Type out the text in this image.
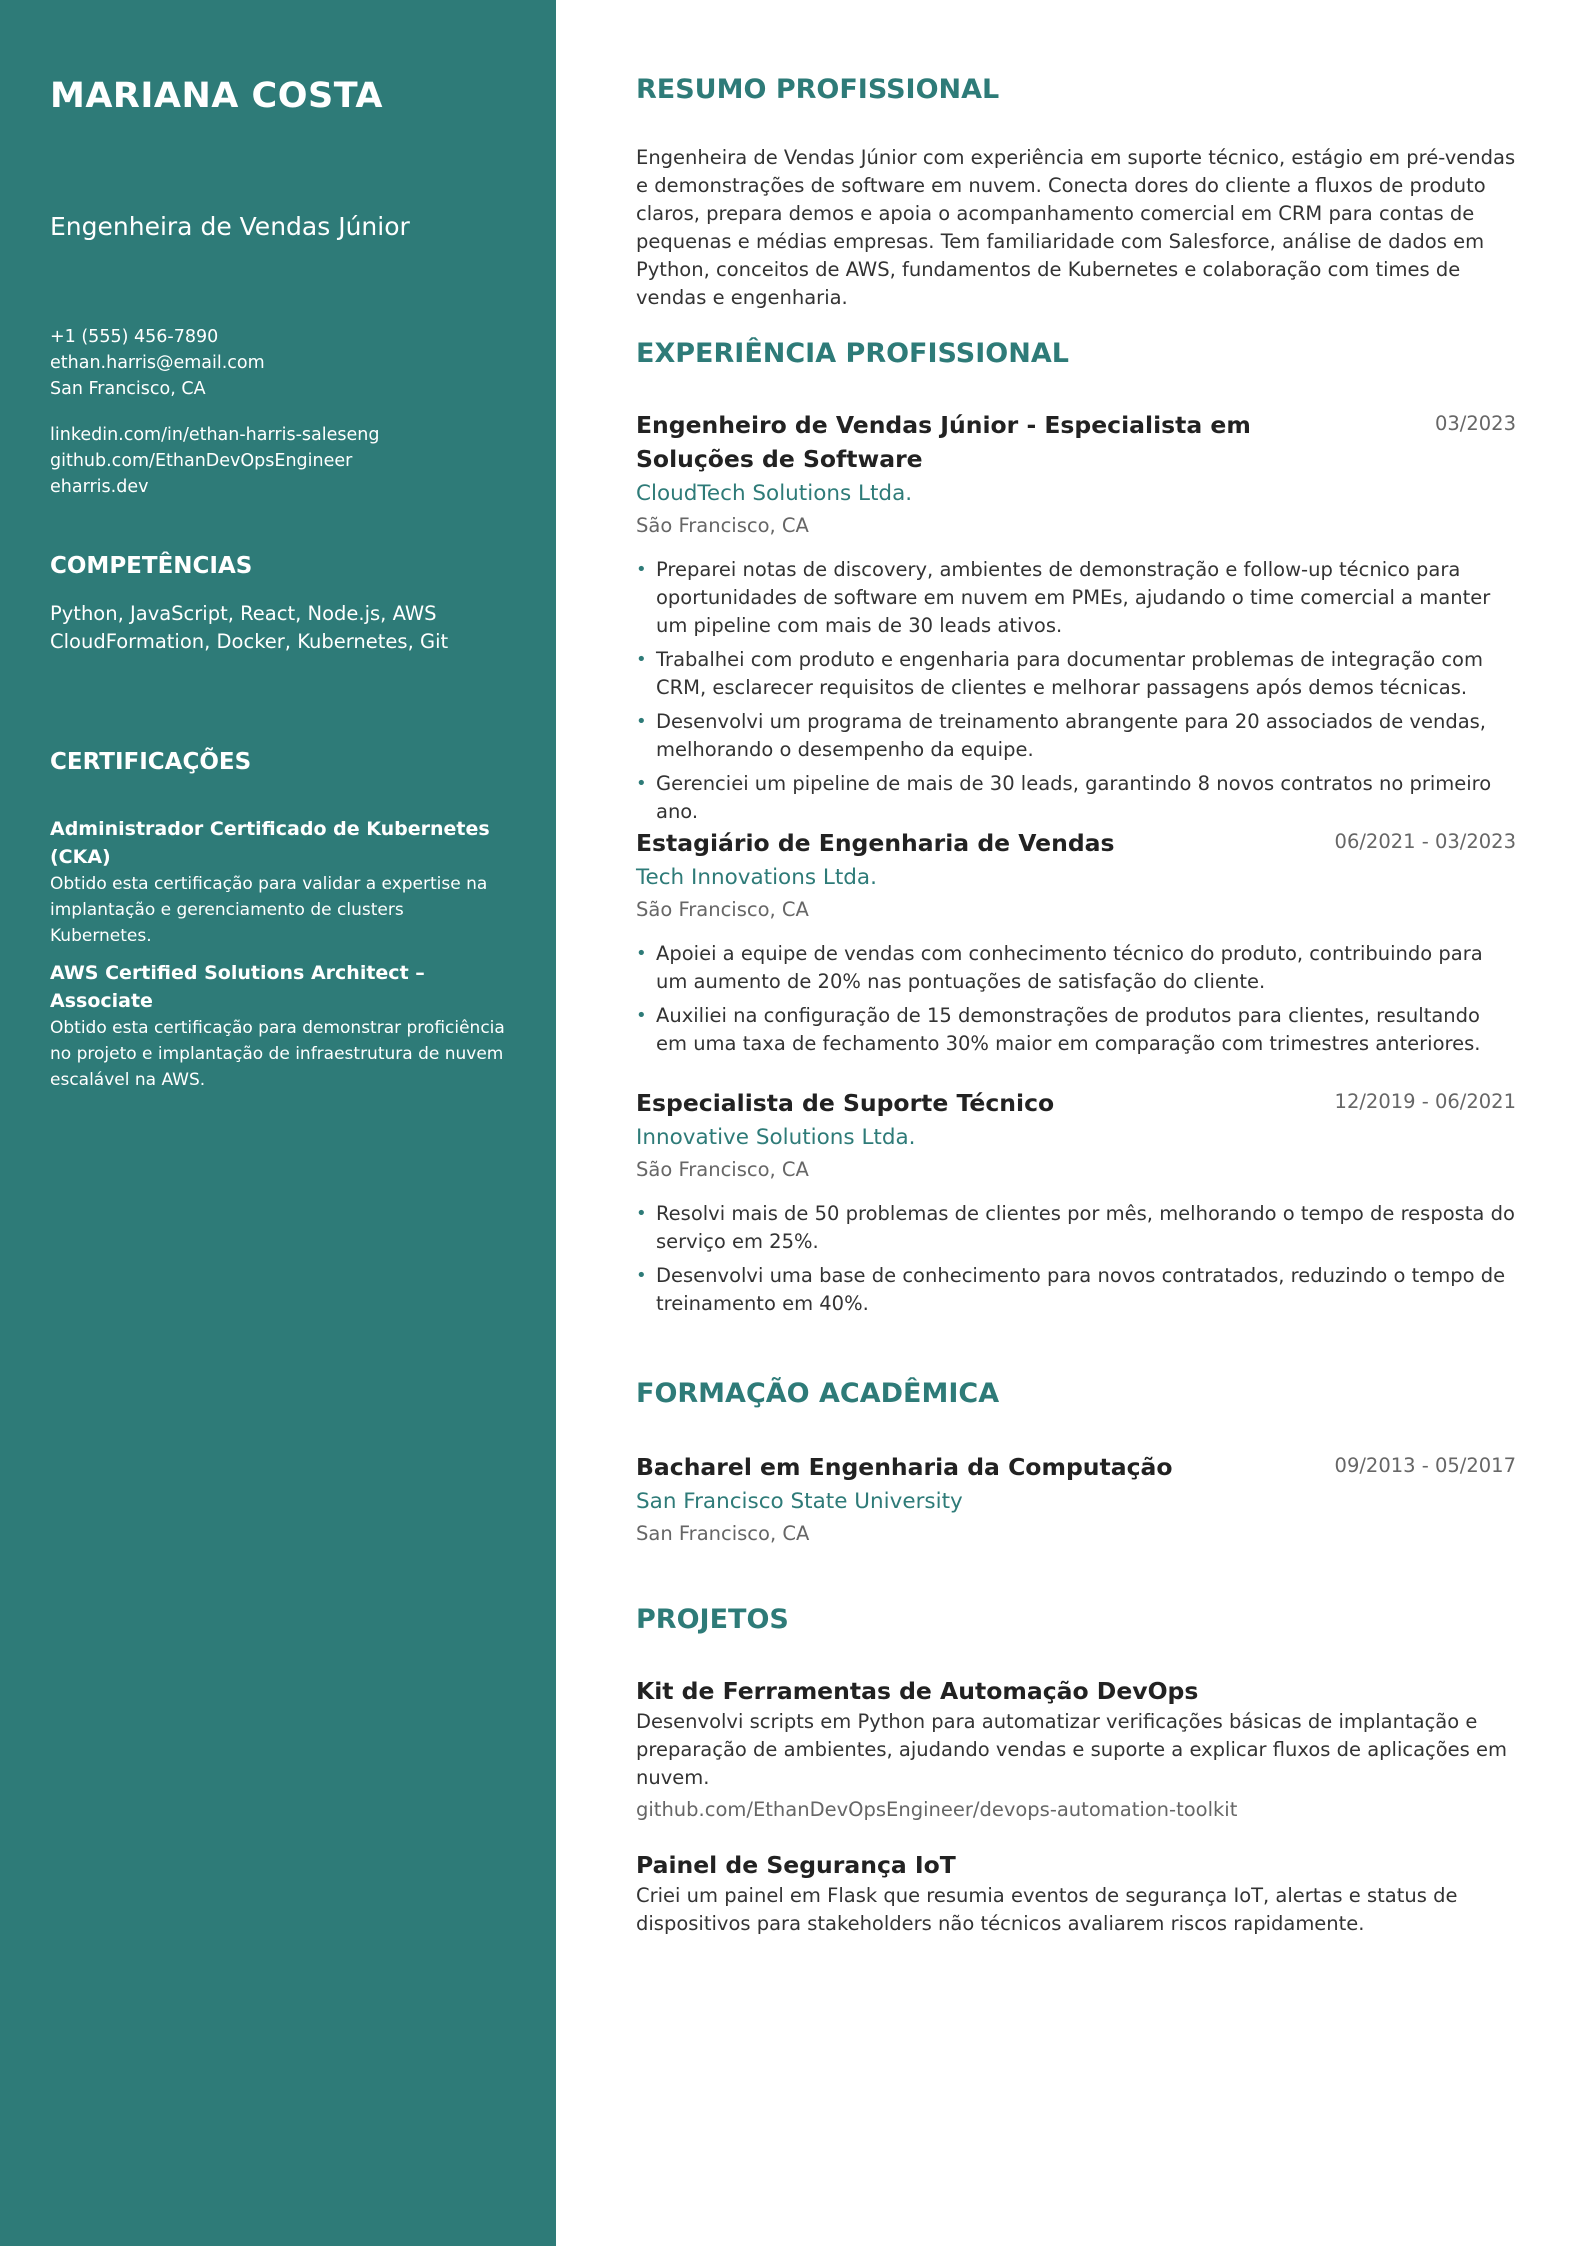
MARIANA COSTA
Engenheira de Vendas Júnior
+1 (555) 456-7890
ethan.harris@email.com
San Francisco, CA
linkedin.com/in/ethan-harris-saleseng
github.com/EthanDevOpsEngineer
eharris.dev
COMPETÊNCIAS
Python, JavaScript, React, Node.js, AWS CloudFormation, Docker, Kubernetes, Git
CERTIFICAÇÕES
Administrador Certificado de Kubernetes (CKA)
Obtido esta certificação para validar a expertise na implantação e gerenciamento de clusters Kubernetes.
AWS Certified Solutions Architect – Associate
Obtido esta certificação para demonstrar proficiência no projeto e implantação de infraestrutura de nuvem escalável na AWS.
RESUMO PROFISSIONAL
Engenheira de Vendas Júnior com experiência em suporte técnico, estágio em pré-vendas e demonstrações de software em nuvem. Conecta dores do cliente a fluxos de produto claros, prepara demos e apoia o acompanhamento comercial em CRM para contas de pequenas e médias empresas. Tem familiaridade com Salesforce, análise de dados em Python, conceitos de AWS, fundamentos de Kubernetes e colaboração com times de vendas e engenharia.
EXPERIÊNCIA PROFISSIONAL
Engenheiro de Vendas Júnior - Especialista em Soluções de Software
03/2023
CloudTech Solutions Ltda.
São Francisco, CA
• Preparei notas de discovery, ambientes de demonstração e follow-up técnico para oportunidades de software em nuvem em PMEs, ajudando o time comercial a manter um pipeline com mais de 30 leads ativos.
• Trabalhei com produto e engenharia para documentar problemas de integração com CRM, esclarecer requisitos de clientes e melhorar passagens após demos técnicas.
• Desenvolvi um programa de treinamento abrangente para 20 associados de vendas, melhorando o desempenho da equipe.
• Gerenciei um pipeline de mais de 30 leads, garantindo 8 novos contratos no primeiro ano.
Estagiário de Engenharia de Vendas	06/2021 - 03/2023
Tech Innovations Ltda.
São Francisco, CA
• Apoiei a equipe de vendas com conhecimento técnico do produto, contribuindo para um aumento de 20% nas pontuações de satisfação do cliente.
• Auxiliei na configuração de 15 demonstrações de produtos para clientes, resultando em uma taxa de fechamento 30% maior em comparação com trimestres anteriores.
Especialista de Suporte Técnico	12/2019 - 06/2021
Innovative Solutions Ltda.
São Francisco, CA
• Resolvi mais de 50 problemas de clientes por mês, melhorando o tempo de resposta do serviço em 25%.
• Desenvolvi uma base de conhecimento para novos contratados, reduzindo o tempo de treinamento em 40%.
FORMAÇÃO ACADÊMICA
Bacharel em Engenharia da Computação	09/2013 - 05/2017
San Francisco State University
San Francisco, CA
PROJETOS
Kit de Ferramentas de Automação DevOps
Desenvolvi scripts em Python para automatizar verificações básicas de implantação e preparação de ambientes, ajudando vendas e suporte a explicar fluxos de aplicações em nuvem.
github.com/EthanDevOpsEngineer/devops-automation-toolkit
Painel de Segurança IoT
Criei um painel em Flask que resumia eventos de segurança IoT, alertas e status de dispositivos para stakeholders não técnicos avaliarem riscos rapidamente.
